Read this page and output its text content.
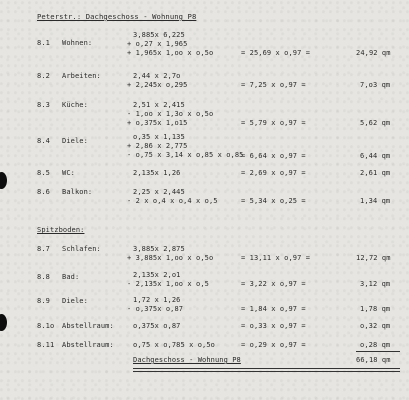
Peterstr.: Dachgeschoss - Wohnung P8
8.1 Wohnen:
3,885x 6,225
+ o,27 x 1,965
+ 1,965x 1,oo x o,5o	= 25,69 x o,97 =	24,92 qm
8.2 Arbeiten:	2,44 x 2,7o
+ 2,245x o,295	= 7,25 x o,97 =	7,o3 qm
8.3 Küche:	2,51 x 2,415
- 1,oo x 1,3o x o,5o
+ o,375x 1,o15	= 5,79 x o,97 =	5,62 qm
8.4 Diele:	o,35 x 1,135
+ 2,86 x 2,775
- o,75 x 3,14 x o,85 x o,85
= 6,64 x o,97 =	6,44 qm
8.5 WC:	2,135x 1,26	= 2,69 x o,97 =	2,61 qm
8.6 Balkon:	2,25 x 2,445
- 2 x o,4 x o,4 x o,5	= 5,34 x o,25 =	1,34 qm
Spitzboden:
8.7 Schlafen:	3,885x 2,875
+ 3,885x 1,oo x o,5o	= 13,11 x o,97 =	12,72 qm
8.8 Bad:	2,135x 2,o1
- 2,135x 1,oo x o,5	= 3,22 x o,97 =	3,12 qm
8.9 Diele:	1,72 x 1,26
- o,375x o,87	= 1,84 x o,97 =	1,78 qm
8.1o Abstellraum:	o,375x o,87	= o,33 x o,97 =	o,32 qm
8.11 Abstellraum:	o,75 x o,785 x o,5o	= o,29 x o,97 =	o,28 qm
Dachgeschoss - Wohnung P8	66,18 qm
